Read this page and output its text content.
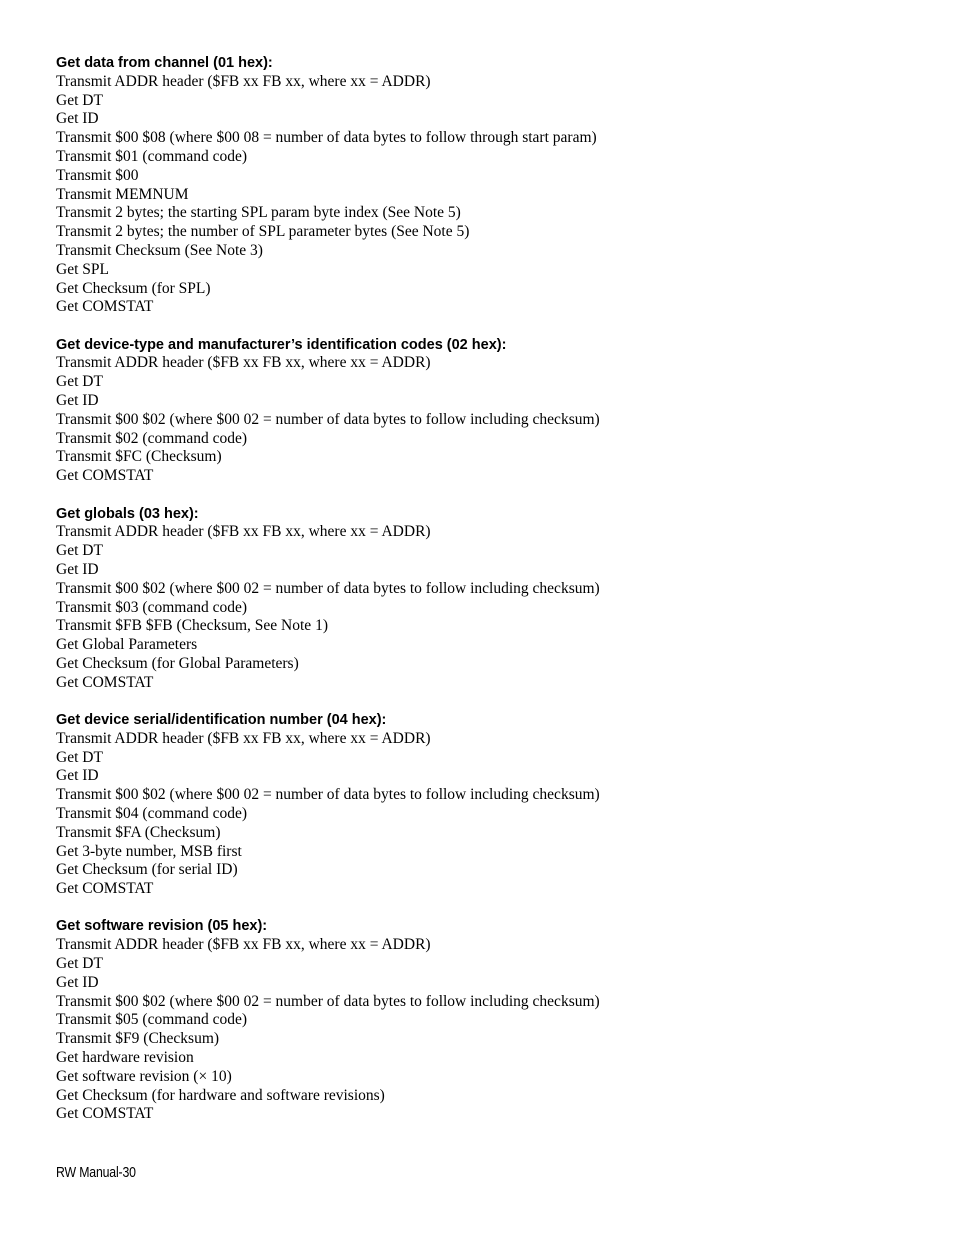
Get data from channel (01 hex):
Transmit ADDR header ($FB xx FB xx, where xx = ADDR)
Get DT
Get ID
Transmit $00 $08 (where $00 08 = number of data bytes to follow through start param)
Transmit $01 (command code)
Transmit $00
Transmit MEMNUM
Transmit 2 bytes; the starting SPL param byte index (See Note 5)
Transmit 2 bytes; the number of SPL parameter bytes (See Note 5)
Transmit Checksum (See Note 3)
Get SPL
Get Checksum (for SPL)
Get COMSTAT
Get device-type and manufacturer’s identification codes (02 hex):
Transmit ADDR header ($FB xx FB xx, where xx = ADDR)
Get DT
Get ID
Transmit $00 $02 (where $00 02 = number of data bytes to follow including checksum)
Transmit $02 (command code)
Transmit $FC (Checksum)
Get COMSTAT
Get globals (03 hex):
Transmit ADDR header ($FB xx FB xx, where xx = ADDR)
Get DT
Get ID
Transmit $00 $02 (where $00 02 = number of data bytes to follow including checksum)
Transmit $03 (command code)
Transmit $FB $FB (Checksum, See Note 1)
Get Global Parameters
Get Checksum (for Global Parameters)
Get COMSTAT
Get device serial/identification number (04 hex):
Transmit ADDR header ($FB xx FB xx, where xx = ADDR)
Get DT
Get ID
Transmit $00 $02 (where $00 02 = number of data bytes to follow including checksum)
Transmit $04 (command code)
Transmit $FA (Checksum)
Get 3-byte number, MSB first
Get Checksum (for serial ID)
Get COMSTAT
Get software revision (05 hex):
Transmit ADDR header ($FB xx FB xx, where xx = ADDR)
Get DT
Get ID
Transmit $00 $02 (where $00 02 = number of data bytes to follow including checksum)
Transmit $05 (command code)
Transmit $F9 (Checksum)
Get hardware revision
Get software revision (× 10)
Get Checksum (for hardware and software revisions)
Get COMSTAT
RW Manual-30
